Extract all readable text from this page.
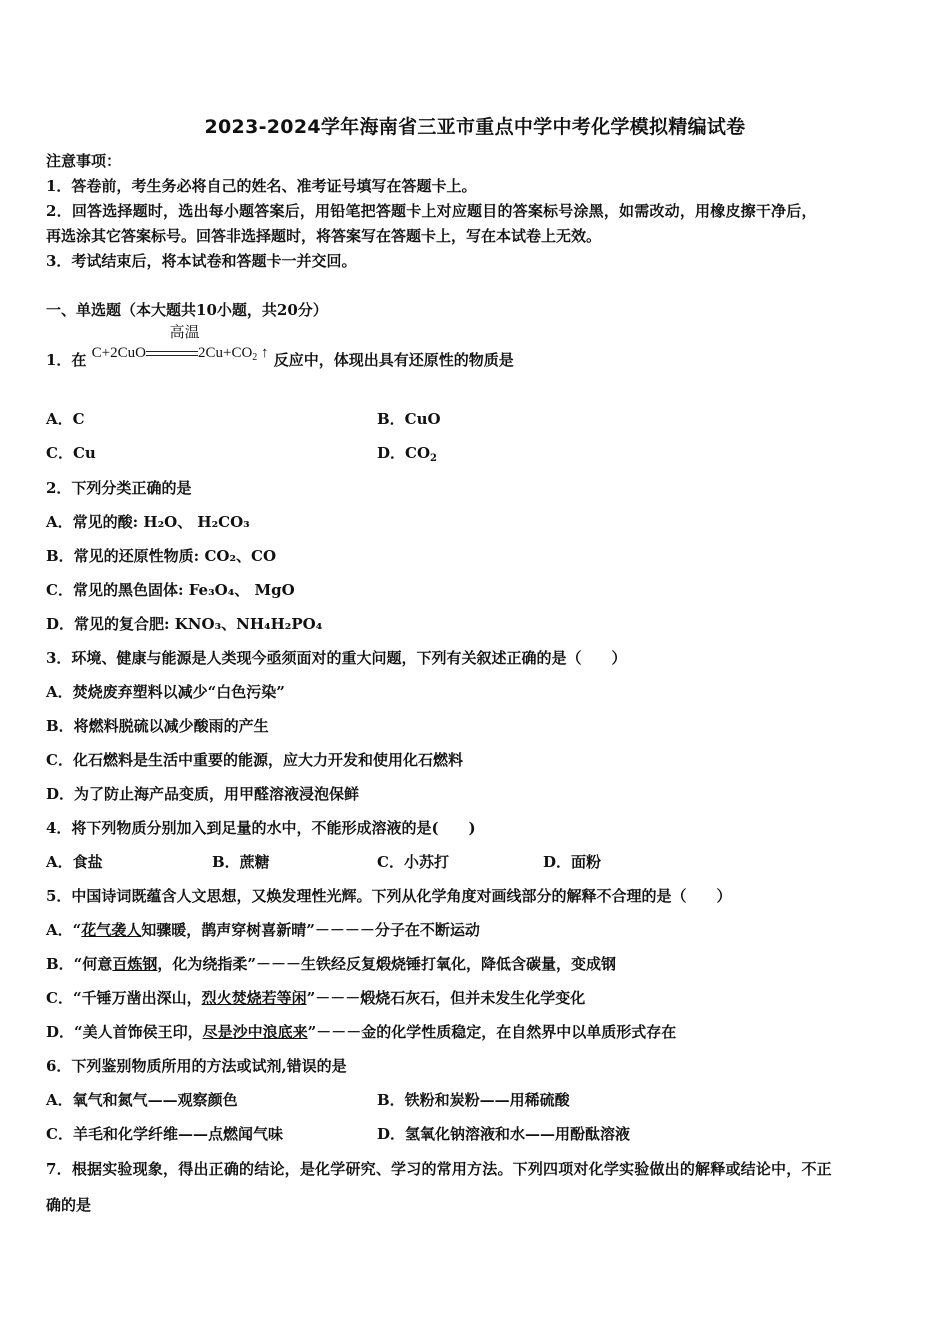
2023-2024学年海南省三亚市重点中学中考化学模拟精编试卷
注意事项：
1．答卷前，考生务必将自己的姓名、准考证号填写在答题卡上。
2．回答选择题时，选出每小题答案后，用铅笔把答题卡上对应题目的答案标号涂黑，如需改动，用橡皮擦干净后，
再选涂其它答案标号。回答非选择题时，将答案写在答题卡上，写在本试卷上无效。
3．考试结束后，将本试卷和答题卡一并交回。
一、单选题（本大题共10小题，共20分）
1．在 C+2CuO	$2Cu+CO_2$ ↑
高温
反应中，体现出具有还原性的物质是
A．C	B．CuO
C．Cu	D．$CO_2$
2．下列分类正确的是
A．常见的酸: H₂O、 H₂CO₃
B．常见的还原性物质: CO₂、CO
C．常见的黑色固体: Fe₃O₄、 MgO
D．常见的复合肥: KNO₃、NH₄H₂PO₄
3．环境、健康与能源是人类现今亟须面对的重大问题，下列有关叙述正确的是（　　）
A．焚烧废弃塑料以减少“白色污染”
B．将燃料脱硫以减少酸雨的产生
C．化石燃料是生活中重要的能源，应大力开发和使用化石燃料
D．为了防止海产品变质，用甲醛溶液浸泡保鲜
4．将下列物质分别加入到足量的水中，不能形成溶液的是(　　)
A．食盐	B．蔗糖	C．小苏打	D．面粉
5．中国诗词既蕴含人文思想，又焕发理性光辉。下列从化学角度对画线部分的解释不合理的是（　　）
A．“花气袭人知骤暖，鹊声穿树喜新晴”－－－－分子在不断运动
B．“何意百炼钢，化为绕指柔”－－－生铁经反复煅烧锤打氧化，降低含碳量，变成钢
C．“千锤万凿出深山，烈火焚烧若等闲”－－－煅烧石灰石，但并未发生化学变化
D．“美人首饰侯王印，尽是沙中浪底来”－－－金的化学性质稳定，在自然界中以单质形式存在
6．下列鉴别物质所用的方法或试剂,错误的是
A．氧气和氮气——观察颜色	B．铁粉和炭粉——用稀硫酸
C．羊毛和化学纤维——点燃闻气味	D．氢氧化钠溶液和水——用酚酞溶液
7．根据实验现象，得出正确的结论，是化学研究、学习的常用方法。下列四项对化学实验做出的解释或结论中，不正
确的是
